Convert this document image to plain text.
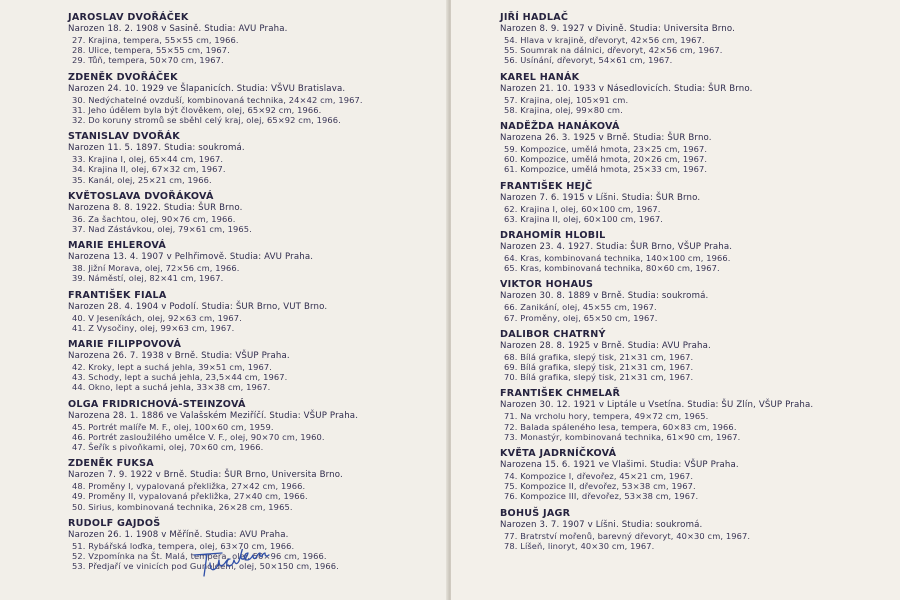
JAROSLAV DVOŘÁČEK
Narozen 18. 2. 1908 v Sasině. Studia: AVU Praha.
27. Krajina, tempera, 55×55 cm, 1966.
28. Ulice, tempera, 55×55 cm, 1967.
29. Tůň, tempera, 50×70 cm, 1967.
ZDENĚK DVOŘÁČEK
Narozen 24. 10. 1929 ve Šlapanicích. Studia: VŠVU Bratislava.
30. Nedýchatelné ovzduší, kombinovaná technika, 24×42 cm, 1967.
31. Jeho údělem byla být člověkem, olej, 65×92 cm, 1966.
32. Do koruny stromů se sběhl celý kraj, olej, 65×92 cm, 1966.
STANISLAV DVOŘÁK
Narozen 11. 5. 1897. Studia: soukromá.
33. Krajina I, olej, 65×44 cm, 1967.
34. Krajina II, olej, 67×32 cm, 1967.
35. Kanál, olej, 25×21 cm, 1966.
KVĚTOSLAVA DVOŘÁKOVÁ
Narozena 8. 8. 1922. Studia: ŠUR Brno.
36. Za šachtou, olej, 90×76 cm, 1966.
37. Nad Zástávkou, olej, 79×61 cm, 1965.
MARIE EHLEROVÁ
Narozena 13. 4. 1907 v Pelhřimově. Studia: AVU Praha.
38. Jižní Morava, olej, 72×56 cm, 1966.
39. Náměstí, olej, 82×41 cm, 1967.
FRANTIŠEK FIALA
Narozen 28. 4. 1904 v Podolí. Studia: ŠUR Brno, VUT Brno.
40. V Jeseníkách, olej, 92×63 cm, 1967.
41. Z Vysočiny, olej, 99×63 cm, 1967.
MARIE FILIPPOVOVÁ
Narozena 26. 7. 1938 v Brně. Studia: VŠUP Praha.
42. Kroky, lept a suchá jehla, 39×51 cm, 1967.
43. Schody, lept a suchá jehla, 23,5×44 cm, 1967.
44. Okno, lept a suchá jehla, 33×38 cm, 1967.
OLGA FRIDRICHOVÁ-STEINZOVÁ
Narozena 28. 1. 1886 ve Valašském Meziříčí. Studia: VŠUP Praha.
45. Portrét malíře M. F., olej, 100×60 cm, 1959.
46. Portrét zasloužilého umělce V. F., olej, 90×70 cm, 1960.
47. Šeřík s pivoňkami, olej, 70×60 cm, 1966.
ZDENĚK FUKSA
Narozen 7. 9. 1922 v Brně. Studia: ŠUR Brno, Universita Brno.
48. Proměny I, vypalovaná překližka, 27×42 cm, 1966.
49. Proměny II, vypalovaná překližka, 27×40 cm, 1966.
50. Sirius, kombinovaná technika, 26×28 cm, 1965.
RUDOLF GAJDOŠ
Narozen 26. 1. 1908 v Měříně. Studia: AVU Praha.
51. Rybářská loďka, tempera, olej, 63×70 cm, 1966.
52. Vzpomínka na Št. Malá, tempera, olej, 50×96 cm, 1966.
53. Předjaří ve vinicích pod Gunoldem, olej, 50×150 cm, 1966.
JIŘÍ HADLAČ
Narozen 8. 9. 1927 v Divině. Studia: Universita Brno.
54. Hlava v krajině, dřevoryt, 42×56 cm, 1967.
55. Soumrak na dálnici, dřevoryt, 42×56 cm, 1967.
56. Usínání, dřevoryt, 54×61 cm, 1967.
KAREL HANÁK
Narozen 21. 10. 1933 v Násedlovicích. Studia: ŠUR Brno.
57. Krajina, olej, 105×91 cm.
58. Krajina, olej, 99×80 cm.
NADĚŽDA HANÁKOVÁ
Narozena 26. 3. 1925 v Brně. Studia: ŠUR Brno.
59. Kompozice, umělá hmota, 23×25 cm, 1967.
60. Kompozice, umělá hmota, 20×26 cm, 1967.
61. Kompozice, umělá hmota, 25×33 cm, 1967.
FRANTIŠEK HEJČ
Narozen 7. 6. 1915 v Líšni. Studia: ŠUR Brno.
62. Krajina I, olej, 60×100 cm, 1967.
63. Krajina II, olej, 60×100 cm, 1967.
DRAHOMÍR HLOBIL
Narozen 23. 4. 1927. Studia: ŠUR Brno, VŠUP Praha.
64. Kras, kombinovaná technika, 140×100 cm, 1966.
65. Kras, kombinovaná technika, 80×60 cm, 1967.
VIKTOR HOHAUS
Narozen 30. 8. 1889 v Brně. Studia: soukromá.
66. Zanikání, olej, 45×55 cm, 1967.
67. Proměny, olej, 65×50 cm, 1967.
DALIBOR CHATRNÝ
Narozen 28. 8. 1925 v Brně. Studia: AVU Praha.
68. Bílá grafika, slepý tisk, 21×31 cm, 1967.
69. Bílá grafika, slepý tisk, 21×31 cm, 1967.
70. Bílá grafika, slepý tisk, 21×31 cm, 1967.
FRANTIŠEK CHMELAŘ
Narozen 30. 12. 1921 v Liptále u Vsetína. Studia: ŠU Zlín, VŠUP Praha.
71. Na vrcholu hory, tempera, 49×72 cm, 1965.
72. Balada spáleného lesa, tempera, 60×83 cm, 1966.
73. Monastýr, kombinovaná technika, 61×90 cm, 1967.
KVĚTA JADRNÍČKOVÁ
Narozena 15. 6. 1921 ve Vlašimi. Studia: VŠUP Praha.
74. Kompozice I, dřevořez, 45×21 cm, 1967.
75. Kompozice II, dřevořez, 53×38 cm, 1967.
76. Kompozice III, dřevořez, 53×38 cm, 1967.
BOHUŠ JAGR
Narozen 3. 7. 1907 v Líšni. Studia: soukromá.
77. Bratrství mořenů, barevný dřevoryt, 40×30 cm, 1967.
78. Líšeň, linoryt, 40×30 cm, 1967.
